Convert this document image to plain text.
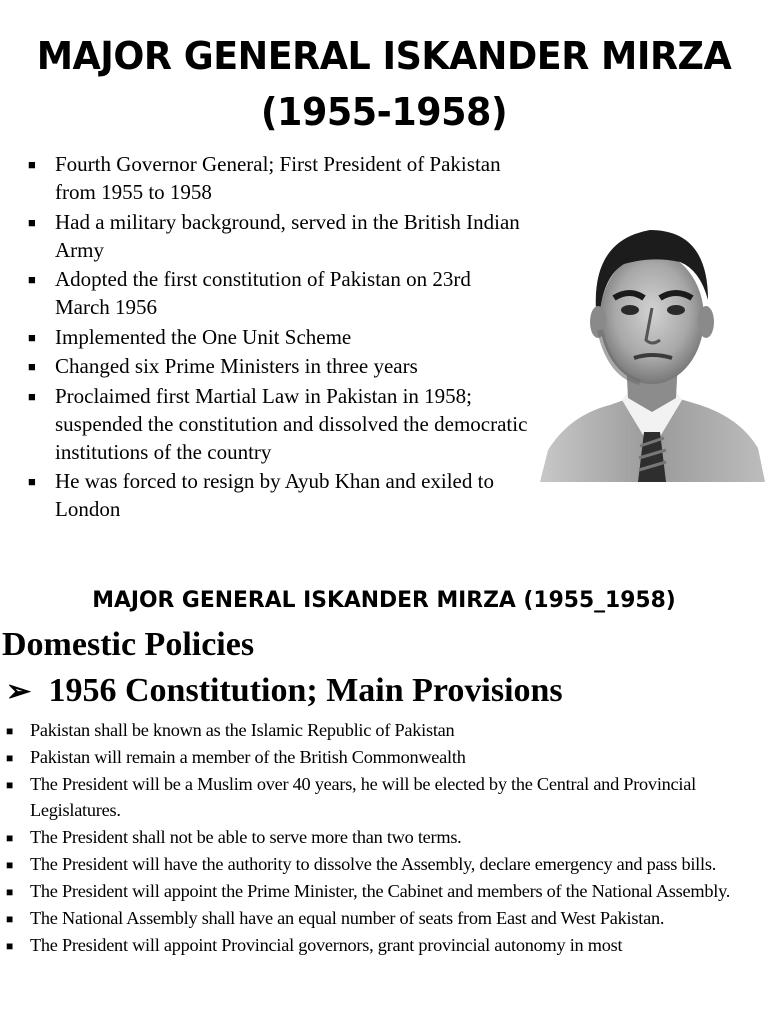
MAJOR GENERAL ISKANDER MIRZA
(1955-1958)
■ Fourth Governor General; First President of Pakistan from 1955 to 1958
■ Had a military background, served in the British Indian Army
■ Adopted the first constitution of Pakistan on 23rd March 1956
■ Implemented the One Unit Scheme
■ Changed six Prime Ministers in three years
■ Proclaimed first Martial Law in Pakistan in 1958; suspended the constitution and dissolved the democratic institutions of the country
■ He was forced to resign by Ayub Khan and exiled to London
MAJOR GENERAL ISKANDER MIRZA (1955_1958)
Domestic Policies
➢ 1956 Constitution; Main Provisions
■ Pakistan shall be known as the Islamic Republic of Pakistan
■ Pakistan will remain a member of the British Commonwealth
■ The President will be a Muslim over 40 years, he will be elected by the Central and Provincial Legislatures.
■ The President shall not be able to serve more than two terms.
■ The President will have the authority to dissolve the Assembly, declare emergency and pass bills.
■ The President will appoint the Prime Minister, the Cabinet and members of the National Assembly.
■ The National Assembly shall have an equal number of seats from East and West Pakistan.
■ The President will appoint Provincial governors, grant provincial autonomy in most
